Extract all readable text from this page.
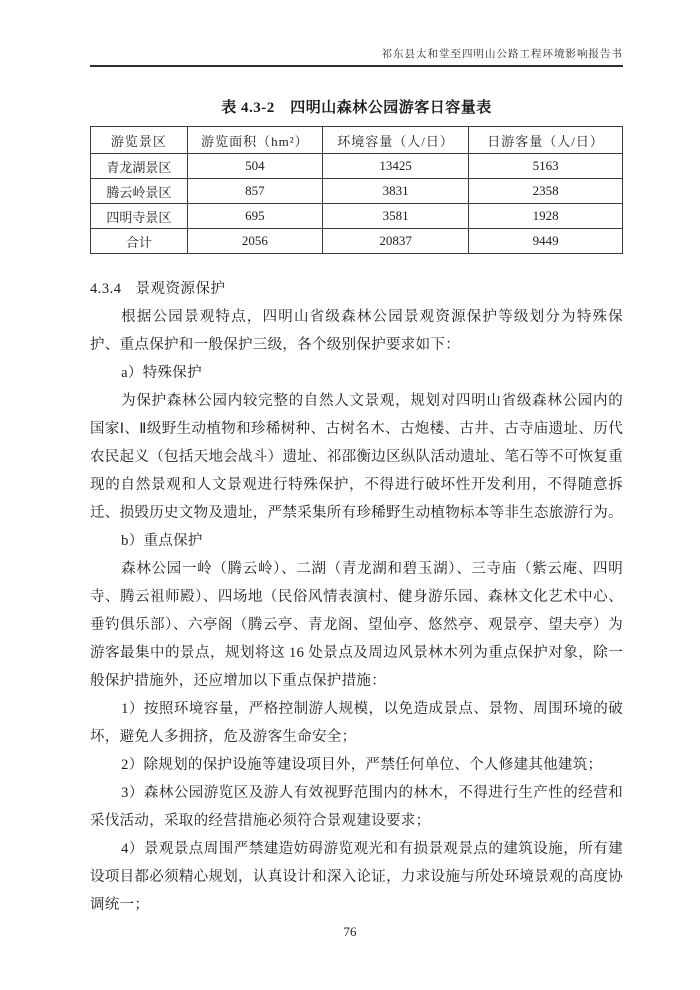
祁东县太和堂至四明山公路工程环境影响报告书
表 4.3-2　四明山森林公园游客日容量表
游览景区	游览面积（hm²）	环境容量（人/日）	日游客量（人/日）
青龙湖景区	504	13425	5163
腾云岭景区	857	3831	2358
四明寺景区	695	3581	1928
合计	2056	20837	9449
4.3.4 景观资源保护

根据公园景观特点，四明山省级森林公园景观资源保护等级划分为特殊保护、重点保护和一般保护三级，各个级别保护要求如下：

a）特殊保护

为保护森林公园内较完整的自然人文景观，规划对四明山省级森林公园内的国家Ⅰ、Ⅱ级野生动植物和珍稀树种、古树名木、古炮楼、古井、古寺庙遗址、历代农民起义（包括天地会战斗）遗址、祁邵衡边区纵队活动遗址、笔石等不可恢复重现的自然景观和人文景观进行特殊保护，不得进行破坏性开发利用，不得随意拆迁、损毁历史文物及遗址，严禁采集所有珍稀野生动植物标本等非生态旅游行为。

b）重点保护

森林公园一岭（腾云岭）、二湖（青龙湖和碧玉湖）、三寺庙（紫云庵、四明寺、腾云祖师殿）、四场地（民俗风情表演村、健身游乐园、森林文化艺术中心、垂钓俱乐部）、六亭阁（腾云亭、青龙阁、望仙亭、悠然亭、观景亭、望夫亭）为游客最集中的景点，规划将这 16 处景点及周边风景林木列为重点保护对象，除一般保护措施外，还应增加以下重点保护措施：

1）按照环境容量，严格控制游人规模，以免造成景点、景物、周围环境的破坏，避免人多拥挤，危及游客生命安全；

2）除规划的保护设施等建设项目外，严禁任何单位、个人修建其他建筑；

3）森林公园游览区及游人有效视野范围内的林木，不得进行生产性的经营和采伐活动，采取的经营措施必须符合景观建设要求；

4）景观景点周围严禁建造妨碍游览观光和有损景观景点的建筑设施，所有建设项目都必须精心规划，认真设计和深入论证，力求设施与所处环境景观的高度协调统一；

76
